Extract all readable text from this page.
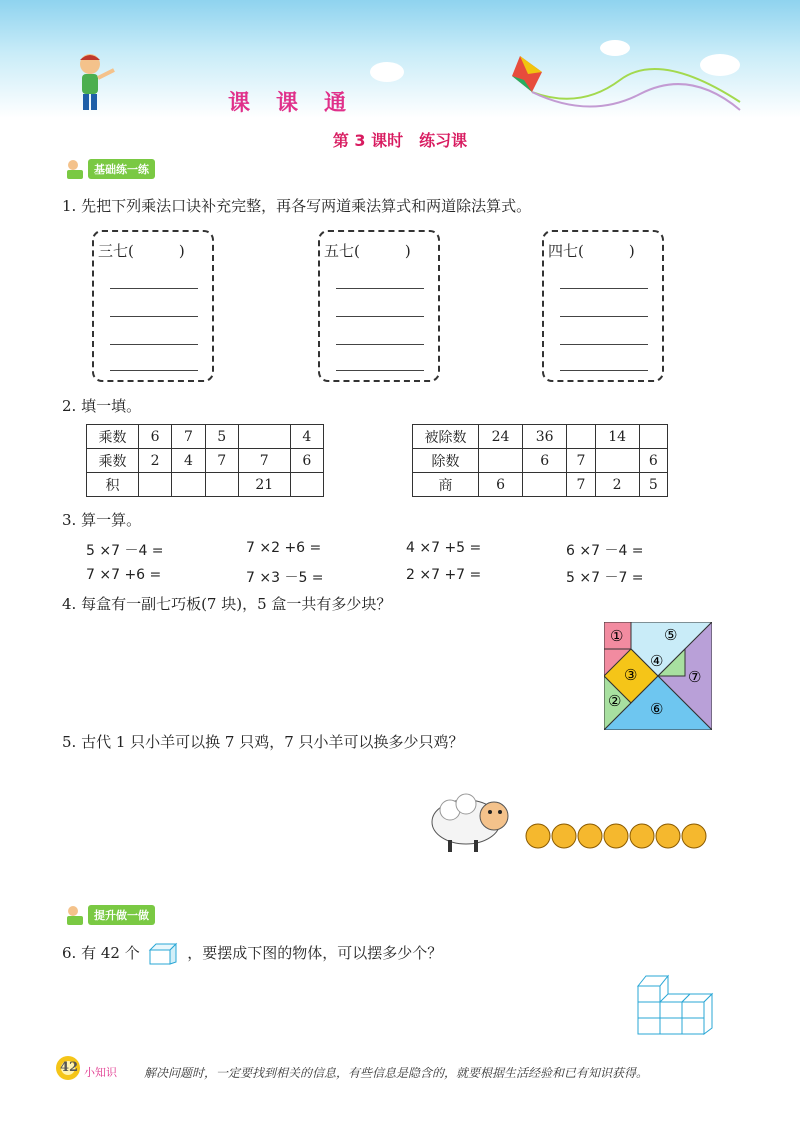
课课通
第 3 课时　练习课
基础练一练
1. 先把下列乘法口诀补充完整，再各写两道乘法算式和两道除法算式。
三七(　　　)	五七(　　　)	四七(　　　)
2. 填一填。
乘数	6	7	5		4
乘数	2	4	7	7	6
积				21	
被除数	24	36		14	
除数		6	7		6
商	6		7	2	5
3. 算一算。
5 ×7 －4 =	7 ×2 +6 =	4 ×7 +5 =	6 ×7 －4 =
7 ×7 +6 =	7 ×3 －5 =	2 ×7 +7 =	5 ×7 －7 =
4. 每盒有一副七巧板(7 块)，5 盒一共有多少块？
①
②
③
④
⑤
⑥
⑦
5. 古代 1 只小羊可以换 7 只鸡，7 只小羊可以换多少只鸡？
提升做一做
6. 有 42 个	，要摆成下图的物体，可以摆多少个？
42 小知识 解决问题时，一定要找到相关的信息，有些信息是隐含的，就要根据生活经验和已有知识获得。
